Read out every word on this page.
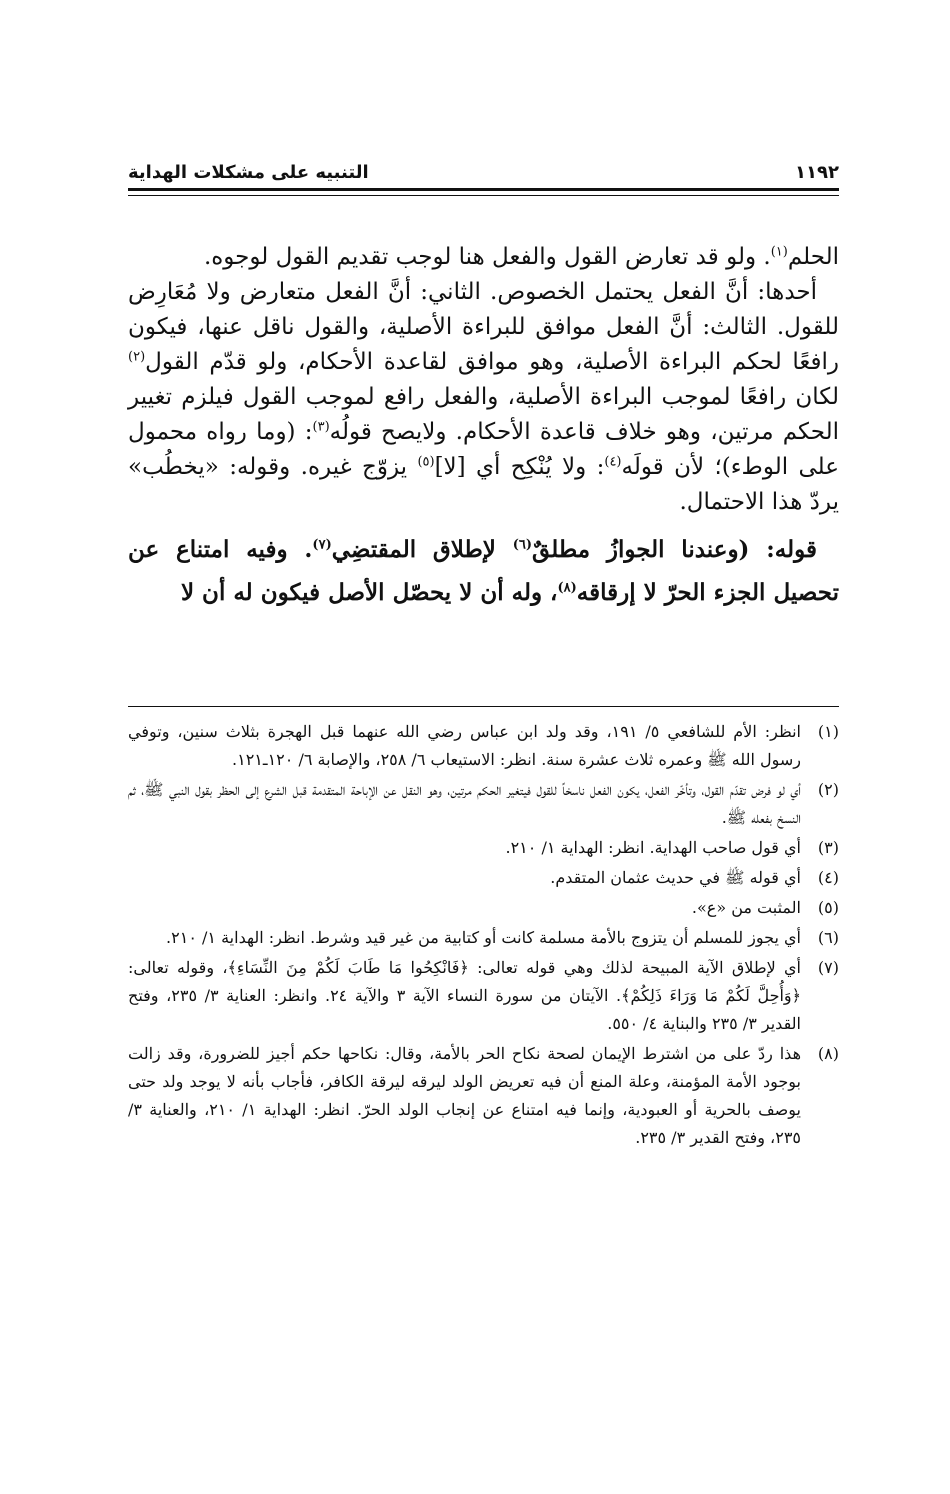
التنبيه على مشكلات الهداية	١١٩٢

الحلم$^{(١)}$. ولو قد تعارض القول والفعل هنا لوجب تقديم القول لوجوه.

أحدها: أنَّ الفعل يحتمل الخصوص. الثاني: أنَّ الفعل متعارض ولا مُعَارِض للقول. الثالث: أنَّ الفعل موافق للبراءة الأصلية، والقول ناقل عنها، فيكون رافعًا لحكم البراءة الأصلية، وهو موافق لقاعدة الأحكام، ولو قدّم القول$^{(٢)}$ لكان رافعًا لموجب البراءة الأصلية، والفعل رافع لموجب القول فيلزم تغيير الحكم مرتين، وهو خلاف قاعدة الأحكام. ولايصح قولُه$^{(٣)}$: (وما رواه محمول على الوطء)؛ لأن قولَه$^{(٤)}$: ولا يُنْكِح أي [لا]$^{(٥)}$ يزوّج غيره. وقوله: «يخطُب» يردّ هذا الاحتمال.

قوله: (وعندنا الجوازُ مطلقٌ$^{(٦)}$ لإطلاق المقتضِي$^{(٧)}$. وفيه امتناع عن تحصيل الجزء الحرّ لا إرقاقه$^{(٨)}$، وله أن لا يحصّل الأصل فيكون له أن لا

(١)
انظر: الأم للشافعي ٥/ ١٩١، وقد ولد ابن عباس رضي الله عنهما قبل الهجرة بثلاث سنين، وتوفي رسول الله ﷺ وعمره ثلاث عشرة سنة. انظر: الاستيعاب ٦/ ٢٥٨، والإصابة ٦/ ١٢٠ـ١٢١.
(٢)
أي لو فرض تقدّم القول، وتأخّر الفعل، يكون الفعل ناسخاً للقول فيتغير الحكم مرتين، وهو النقل عن الإباحة المتقدمة قبل الشرع إلى الحظر بقول النبي ﷺ، ثم النسخ بفعله ﷺ.
(٣)
أي قول صاحب الهداية. انظر: الهداية ١/ ٢١٠.
(٤)
أي قوله ﷺ في حديث عثمان المتقدم.
(٥)
المثبت من «ع».
(٦)
أي يجوز للمسلم أن يتزوج بالأمة مسلمة كانت أو كتابية من غير قيد وشرط. انظر: الهداية ١/ ٢١٠.
(٧)
أي لإطلاق الآية المبيحة لذلك وهي قوله تعالى: ﴿فَانْكِحُوا مَا طَابَ لَكُمْ مِنَ النِّسَاءِ﴾، وقوله تعالى: ﴿وَأُحِلَّ لَكُمْ مَا وَرَاءَ ذَلِكُمْ﴾. الآيتان من سورة النساء الآية ٣ والآية ٢٤. وانظر: العناية ٣/ ٢٣٥، وفتح القدير ٣/ ٢٣٥ والبناية ٤/ ٥٥٠.
(٨)
هذا ردّ على من اشترط الإيمان لصحة نكاح الحر بالأمة، وقال: نكاحها حكم أجيز للضرورة، وقد زالت بوجود الأمة المؤمنة، وعلة المنع أن فيه تعريض الولد ليرقه ليرقة الكافر، فأجاب بأنه لا يوجد ولد حتى يوصف بالحرية أو العبودية، وإنما فيه امتناع عن إنجاب الولد الحرّ. انظر: الهداية ١/ ٢١٠، والعناية ٣/ ٢٣٥، وفتح القدير ٣/ ٢٣٥.
